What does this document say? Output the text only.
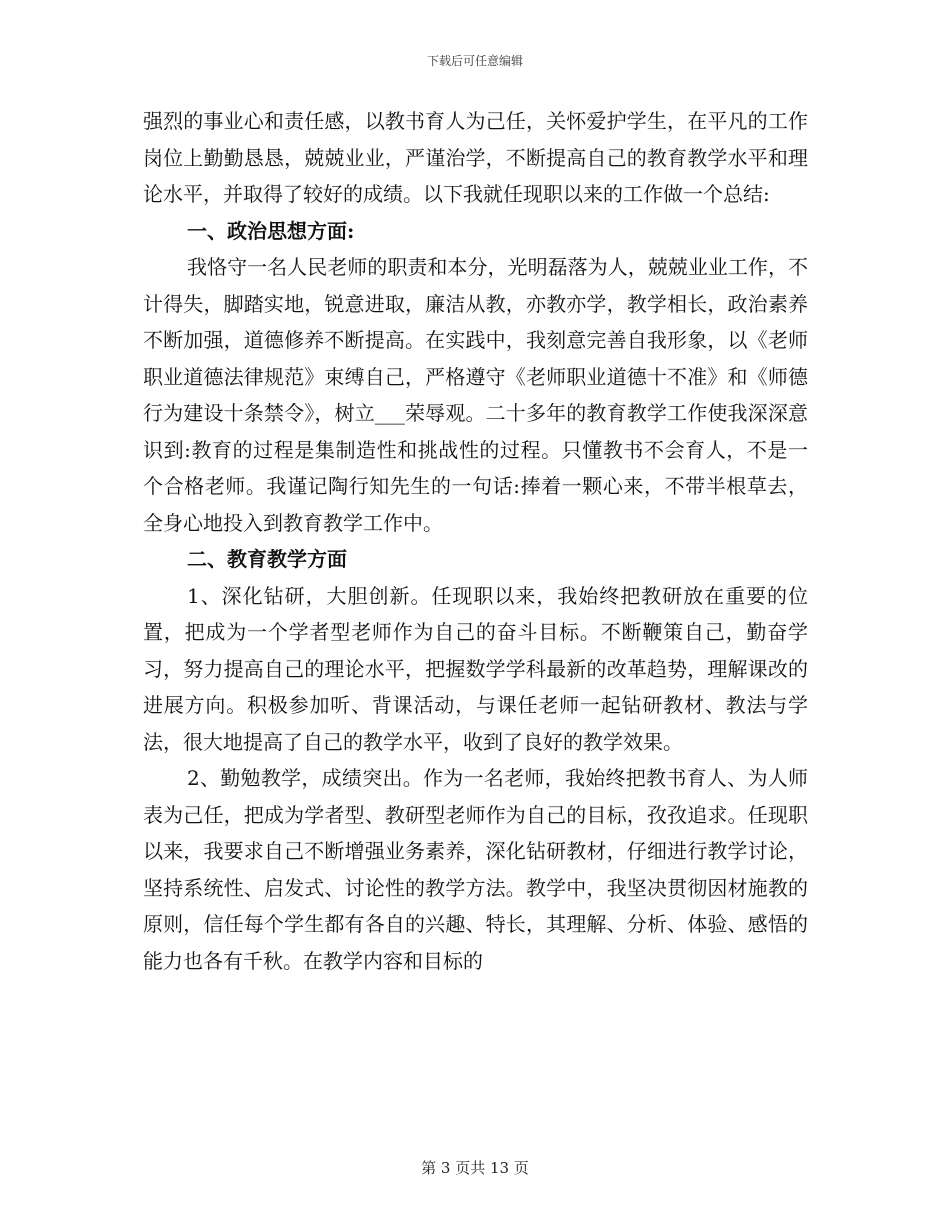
下载后可任意编辑

强烈的事业心和责任感，以教书育人为己任，关怀爱护学生，在平凡的工作岗位上勤勤恳恳，兢兢业业，严谨治学，不断提高自己的教育教学水平和理论水平，并取得了较好的成绩。以下我就任现职以来的工作做一个总结:

一、政治思想方面:

我恪守一名人民老师的职责和本分，光明磊落为人，兢兢业业工作，不计得失，脚踏实地，锐意进取，廉洁从教，亦教亦学，教学相长，政治素养不断加强，道德修养不断提高。在实践中，我刻意完善自我形象，以《老师职业道德法律规范》束缚自己，严格遵守《老师职业道德十不准》和《师德行为建设十条禁令》，树立___荣辱观。二十多年的教育教学工作使我深深意识到:教育的过程是集制造性和挑战性的过程。只懂教书不会育人，不是一个合格老师。我谨记陶行知先生的一句话:捧着一颗心来，不带半根草去，全身心地投入到教育教学工作中。

二、教育教学方面

1、深化钻研，大胆创新。任现职以来，我始终把教研放在重要的位置，把成为一个学者型老师作为自己的奋斗目标。不断鞭策自己，勤奋学习，努力提高自己的理论水平，把握数学学科最新的改革趋势，理解课改的进展方向。积极参加听、背课活动，与课任老师一起钻研教材、教法与学法，很大地提高了自己的教学水平，收到了良好的教学效果。

2、勤勉教学，成绩突出。作为一名老师，我始终把教书育人、为人师表为己任，把成为学者型、教研型老师作为自己的目标，孜孜追求。任现职以来，我要求自己不断增强业务素养，深化钻研教材，仔细进行教学讨论，坚持系统性、启发式、讨论性的教学方法。教学中，我坚决贯彻因材施教的原则，信任每个学生都有各自的兴趣、特长，其理解、分析、体验、感悟的能力也各有千秋。在教学内容和目标的

第 3 页共 13 页
